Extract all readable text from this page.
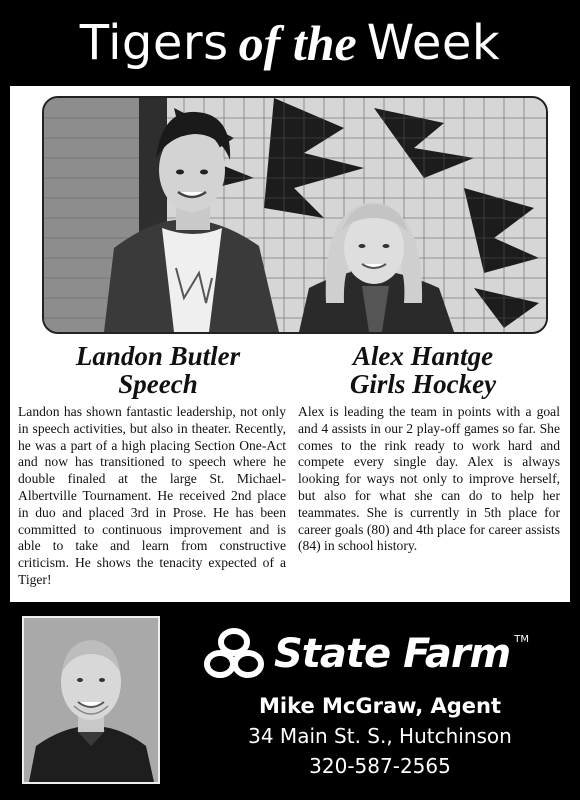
Tigers of the Week
Landon Butler
Speech
Alex Hantge
Girls Hockey

Landon has shown fantastic leadership, not only in speech activities, but also in theater. Recently, he was a part of a high placing Section One-Act and now has transitioned to speech where he double finaled at the large St. Michael-Albertville Tournament. He received 2nd place in duo and placed 3rd in Prose. He has been committed to continuous improvement and is able to take and learn from constructive criticism. He shows the tenacity expected of a Tiger!

Alex is leading the team in points with a goal and 4 assists in our 2 play-off games so far. She comes to the rink ready to work hard and compete every single day. Alex is always looking for ways not only to improve herself, but also for what she can do to help her teammates. She is currently in 5th place for career goals (80) and 4th place for career assists (84) in school history.

State Farm TM
Mike McGraw, Agent
34 Main St. S., Hutchinson
320-587-2565
